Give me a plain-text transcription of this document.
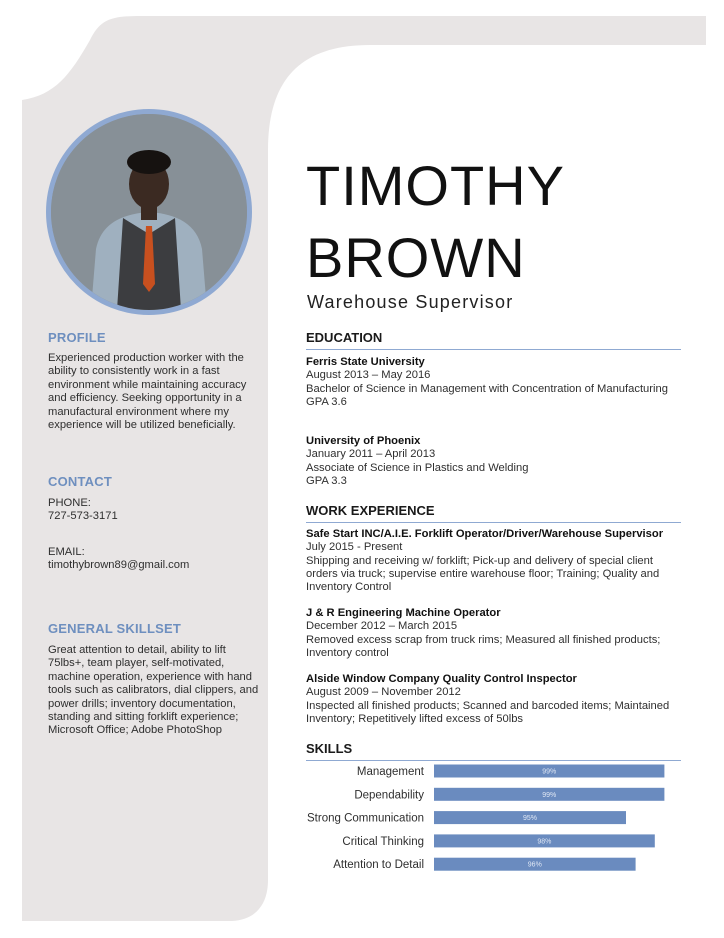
PROFILE

Experienced production worker with the ability to consistently work in a fast environment while maintaining accuracy and efficiency. Seeking opportunity in a manufactural environment where my experience will be utilized beneficially.

CONTACT

PHONE:

727-573-3171

EMAIL:

timothybrown89@gmail.com

GENERAL SKILLSET

Great attention to detail, ability to lift 75lbs+, team player, self-motivated, machine operation, experience with hand tools such as calibrators, dial clippers, and power drills; inventory documentation, standing and sitting forklift experience; Microsoft Office; Adobe PhotoShop

TIMOTHY
BROWN
Warehouse Supervisor
EDUCATION
Ferris State University
August 2013 – May 2016
Bachelor of Science in Management with Concentration of Manufacturing
GPA 3.6
University of Phoenix
January 2011 – April 2013
Associate of Science in Plastics and Welding
GPA 3.3
WORK EXPERIENCE
Safe Start INC/A.I.E. Forklift Operator/Driver/Warehouse Supervisor
July 2015 - Present
Shipping and receiving w/ forklift; Pick-up and delivery of special client orders via truck; supervise entire warehouse floor; Training; Quality and Inventory Control
J & R Engineering Machine Operator
December 2012 – March 2015
Removed excess scrap from truck rims; Measured all finished products; Inventory control
Alside Window Company Quality Control Inspector
August 2009 – November 2012
Inspected all finished products; Scanned and barcoded items; Maintained Inventory; Repetitively lifted excess of 50lbs
SKILLS
Management	99%
Dependability	99%
Strong Communication	95%
Critical Thinking	98%
Attention to Detail	96%
